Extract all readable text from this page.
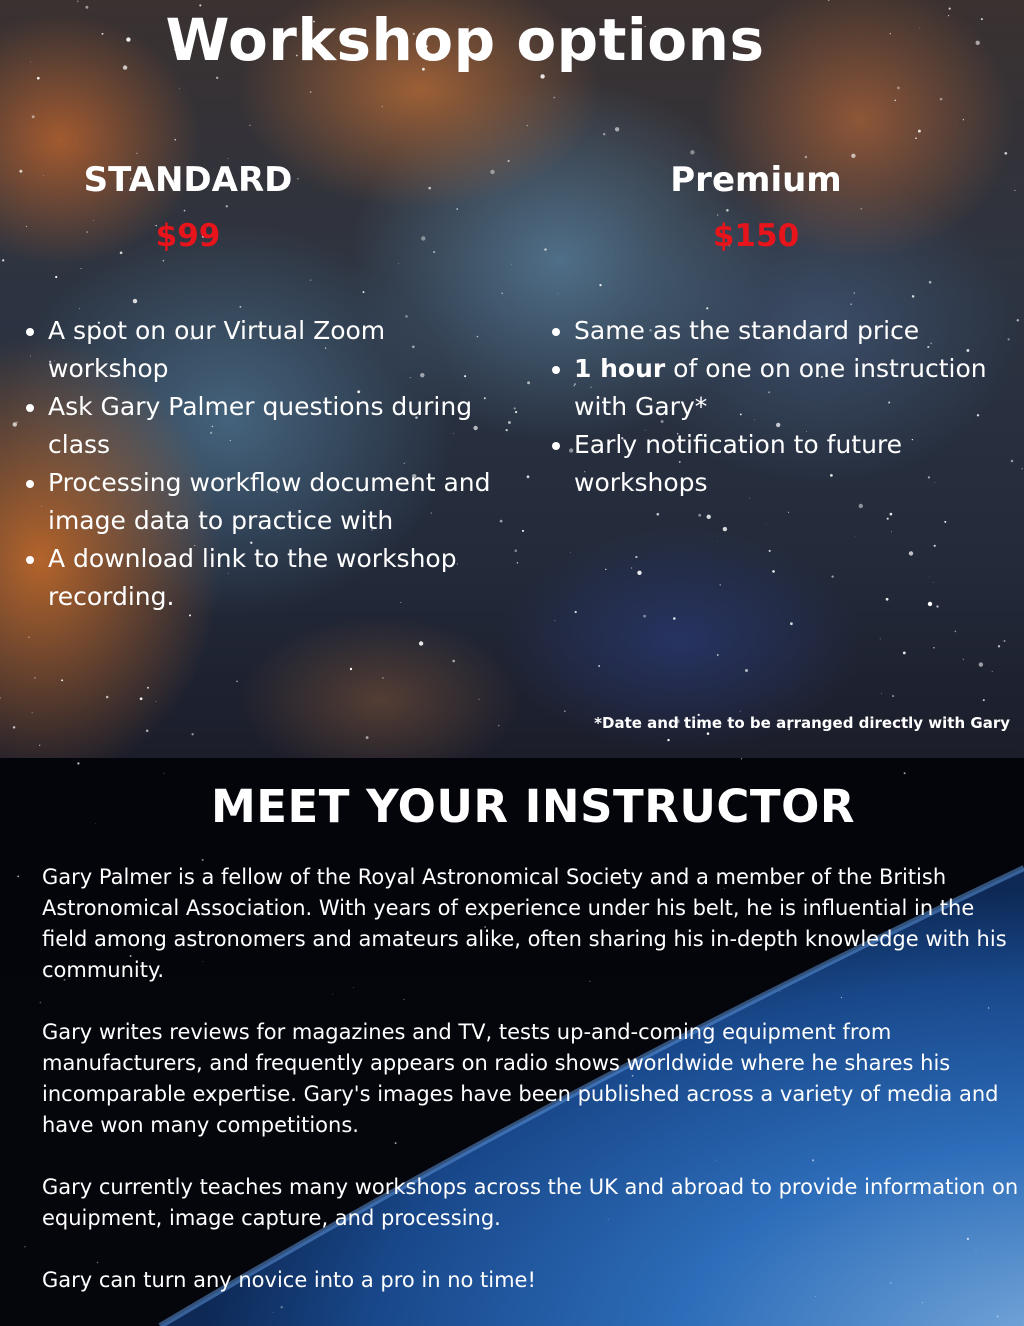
Workshop options
STANDARD
$99
Premium
$150
• A spot on our Virtual Zoom workshop
• Ask Gary Palmer questions during class
• Processing workflow document and image data to practice with
• A download link to the workshop recording.
• Same as the standard price
• 1 hour of one on one instruction with Gary*
• Early notification to future workshops
*Date and time to be arranged directly with Gary
MEET YOUR INSTRUCTOR

Gary Palmer is a fellow of the Royal Astronomical Society and a member of the British Astronomical Association. With years of experience under his belt, he is influential in the field among astronomers and amateurs alike, often sharing his in-depth knowledge with his community.

Gary writes reviews for magazines and TV, tests up-and-coming equipment from manufacturers, and frequently appears on radio shows worldwide where he shares his incomparable expertise. Gary's images have been published across a variety of media and have won many competitions.

Gary currently teaches many workshops across the UK and abroad to provide information on equipment, image capture, and processing.

Gary can turn any novice into a pro in no time!
